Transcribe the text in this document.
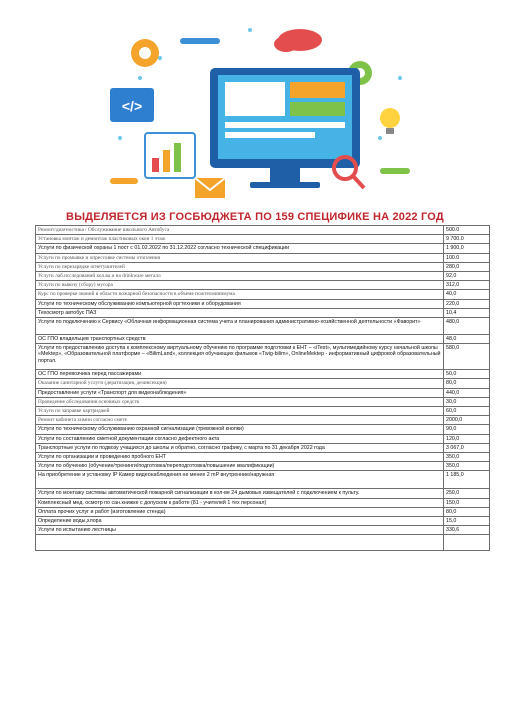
</>
ВЫДЕЛЯЕТСЯ ИЗ ГОСБЮДЖЕТА ПО 159 СПЕЦИФИКЕ НА 2022 ГОД
Ремонт/диагностика / Обслуживание школьного Автобуса	500.0
Установка монтаж и демонтаж пластиковых окон 1 этаж	9 700.0
Услуги по физической охраны 1 пост с 01.02.2022 по 31.12.2022 согласно технической спецификации	1 900,0
Услуги по промывке и опрессовке системы отопления	100.0
Услуги по перезарядке огнетушителей	280,0
Услуги лаб.исследований кол.ва и на drinkware металл	92,0
Услуги по вывозу (сбору) мусора	312,0
Курс по проверке знаний в области пожарной безопасности в объеме пожтехминимума	40,0
Услуги по техническому обслуживанию компьютерной оргтехники и оборудования	220,0
Техосмотр автобус ПАЗ	10,4
Услуги по подключению к Сервису «Облачная информационная система учета и планирования административно-хозяйственной деятельности «Фаворит»	480,0
ОС ГПО владельцев транспортных средств	48,0
Услуги по предоставлению доступа к комплексному виртуальному обучению по программе подготовки к ЕНТ – «iTest», мультимедийному курсу начальной школы «Mektep», «Образовательной платформе – «BilimLand», коллекция обучающих фильмов «Twig-bilim», OnlineMektep - информативный цифровой образовательный портал.	580,0
ОС ГПО перевозчика перед пассажирами	50,0
Оказание санитарной услуги (дератизация, дезинсекция)	80,0
Предоставление услуги «Транспорт для видеонаблюдения»	440,0
Проведение обследования основных средств	30,0
Услуги по заправке картриджей	60,0
Ремонт кабинета химии согласно смете	2000,0
Услуги по техническому обслуживанию охранной сигнализации (тревожной кнопки)	90,0
Услуги по составлению сметной документации согласно дефектного акта	120,0
Транспортные услуги по подвозу учащихся до школы и обратно, согласно графику, с марта по 31 декабря 2022 года	3 067,0
Услуги по организации и проведению пробного ЕНТ	350,0
Услуги по обучению (обучение/тренинги/подготовка/переподготовка/повышение квалификации)	350,0
На приобретение и установку IP Камер видеонаблюдения не менее 2 mP внутренние/наружная	1 185,0
Услуги по монтажу системы автоматической пожарной сигнализации в кол-ве 24 дымовых извещателей с подключением к пульту.	250,0
Комплексный мед. осмотр по сан.книжке с допуском к работе (81 - учителей 1 тех персонал)	150,0
Оплата прочих услуг и работ (изготовление стенда)	80,0
Определение воды,хлора	15,0
Услуги по испытанию лестницы	330,6
